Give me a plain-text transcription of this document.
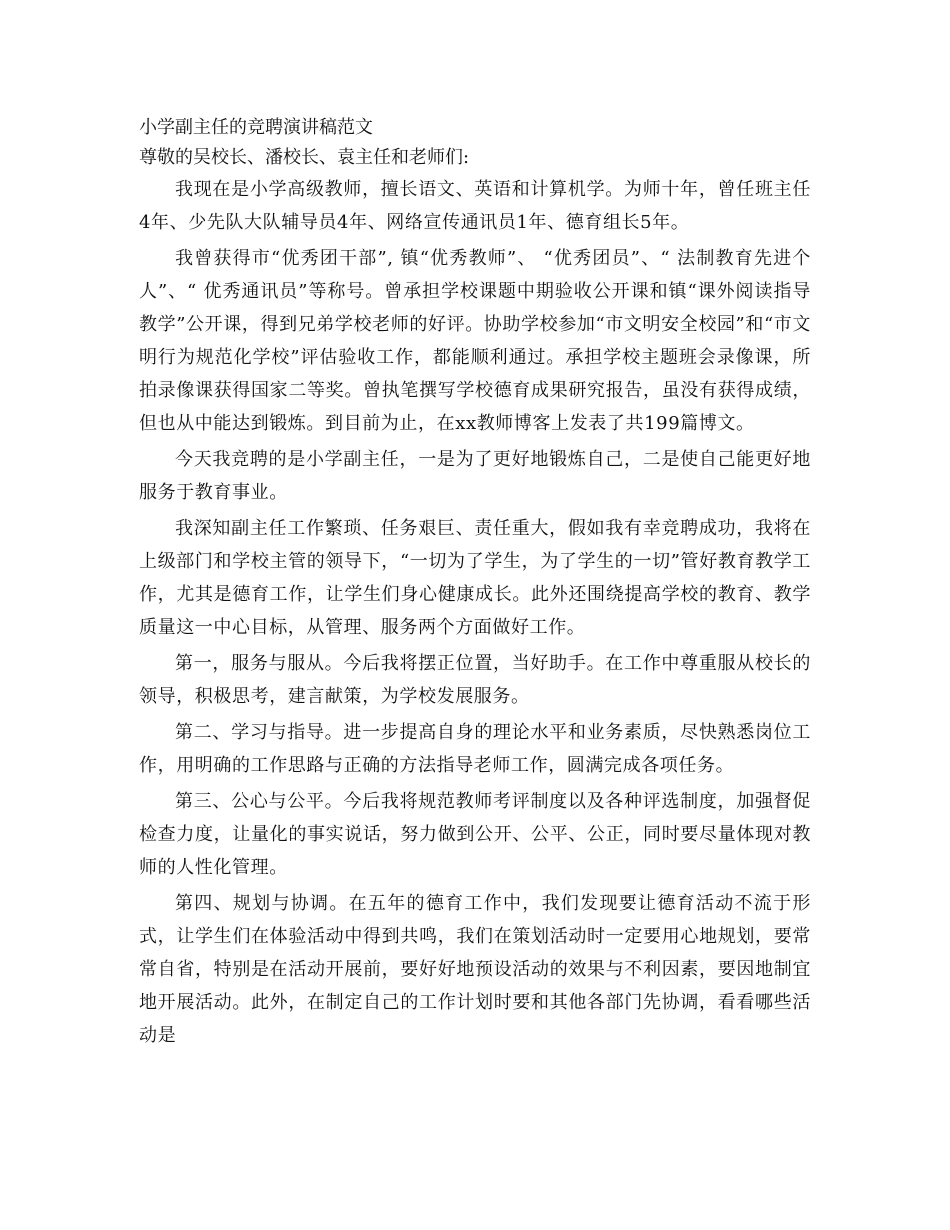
小学副主任的竞聘演讲稿范文
尊敬的吴校长、潘校长、袁主任和老师们:

我现在是小学高级教师，擅长语文、英语和计算机学。为师十年，曾任班主任4年、少先队大队辅导员4年、网络宣传通讯员1年、德育组长5年。

我曾获得市“优秀团干部”, 镇“优秀教师”、 “优秀团员”、“ 法制教育先进个人”、“ 优秀通讯员”等称号。曾承担学校课题中期验收公开课和镇“课外阅读指导教学”公开课，得到兄弟学校老师的好评。协助学校参加“市文明安全校园”和“市文明行为规范化学校”评估验收工作，都能顺利通过。承担学校主题班会录像课，所拍录像课获得国家二等奖。曾执笔撰写学校德育成果研究报告，虽没有获得成绩，但也从中能达到锻炼。到目前为止，在xx教师博客上发表了共199篇博文。

今天我竞聘的是小学副主任，一是为了更好地锻炼自己，二是使自己能更好地服务于教育事业。

我深知副主任工作繁琐、任务艰巨、责任重大，假如我有幸竞聘成功，我将在上级部门和学校主管的领导下，“一切为了学生，为了学生的一切”管好教育教学工作，尤其是德育工作，让学生们身心健康成长。此外还围绕提高学校的教育、教学质量这一中心目标，从管理、服务两个方面做好工作。

第一，服务与服从。今后我将摆正位置，当好助手。在工作中尊重服从校长的领导，积极思考，建言献策，为学校发展服务。

第二、学习与指导。进一步提高自身的理论水平和业务素质，尽快熟悉岗位工作，用明确的工作思路与正确的方法指导老师工作，圆满完成各项任务。

第三、公心与公平。今后我将规范教师考评制度以及各种评选制度，加强督促检查力度，让量化的事实说话，努力做到公开、公平、公正，同时要尽量体现对教师的人性化管理。

第四、规划与协调。在五年的德育工作中，我们发现要让德育活动不流于形式，让学生们在体验活动中得到共鸣，我们在策划活动时一定要用心地规划，要常常自省，特别是在活动开展前，要好好地预设活动的效果与不利因素，要因地制宜地开展活动。此外，在制定自己的工作计划时要和其他各部门先协调，看看哪些活动是
